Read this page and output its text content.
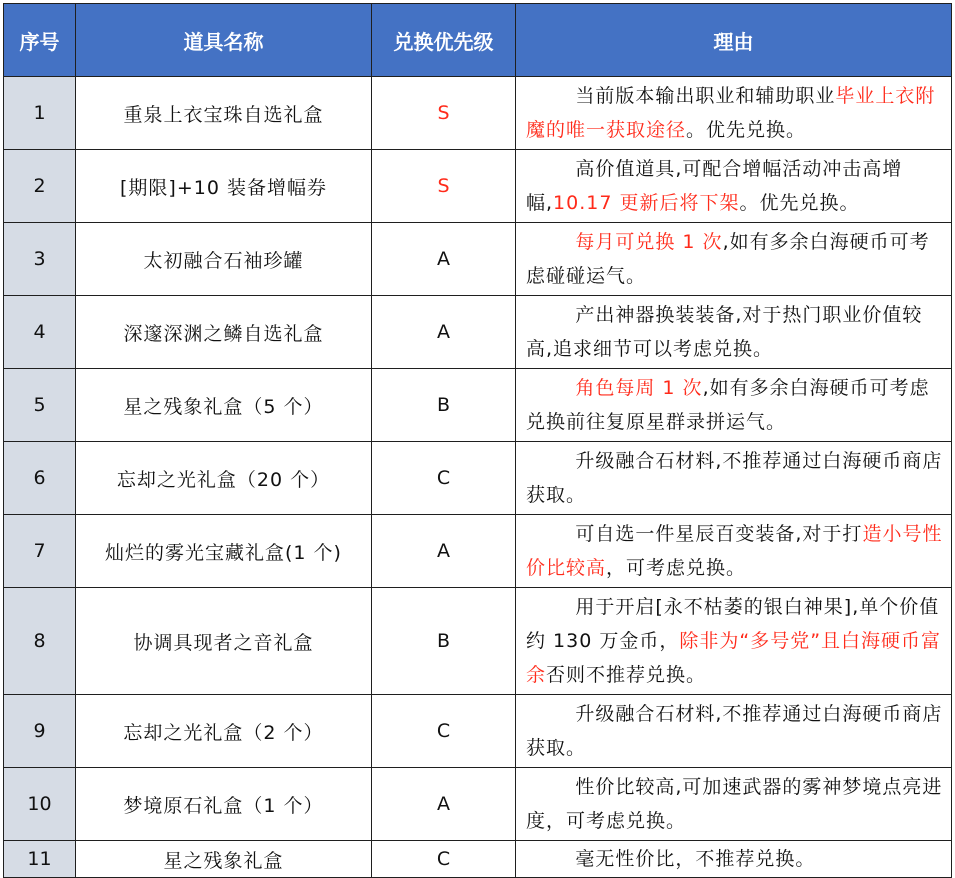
序号	道具名称	兑换优先级	理由
1	重泉上衣宝珠自选礼盒	S	当前版本输出职业和辅助职业毕业上衣附魔的唯一获取途径。优先兑换。
2	[期限]+10 装备增幅券	S	高价值道具,可配合增幅活动冲击高增幅,10.17 更新后将下架。优先兑换。
3	太初融合石袖珍罐	A	每月可兑换 1 次,如有多余白海硬币可考虑碰碰运气。
4	深邃深渊之鳞自选礼盒	A	产出神器换装装备,对于热门职业价值较高,追求细节可以考虑兑换。
5	星之残象礼盒（5 个）	B	角色每周 1 次,如有多余白海硬币可考虑兑换前往复原星群录拼运气。
6	忘却之光礼盒（20 个）	C	升级融合石材料,不推荐通过白海硬币商店获取。
7	灿烂的雾光宝藏礼盒(1 个)	A	可自选一件星辰百变装备,对于打造小号性价比较高，可考虑兑换。
8	协调具现者之音礼盒	B	用于开启[永不枯萎的银白神果],单个价值约 130 万金币，除非为“多号党”且白海硬币富余否则不推荐兑换。
9	忘却之光礼盒（2 个）	C	升级融合石材料,不推荐通过白海硬币商店获取。
10	梦境原石礼盒（1 个）	A	性价比较高,可加速武器的雾神梦境点亮进度，可考虑兑换。
11	星之残象礼盒	C	毫无性价比，不推荐兑换。
